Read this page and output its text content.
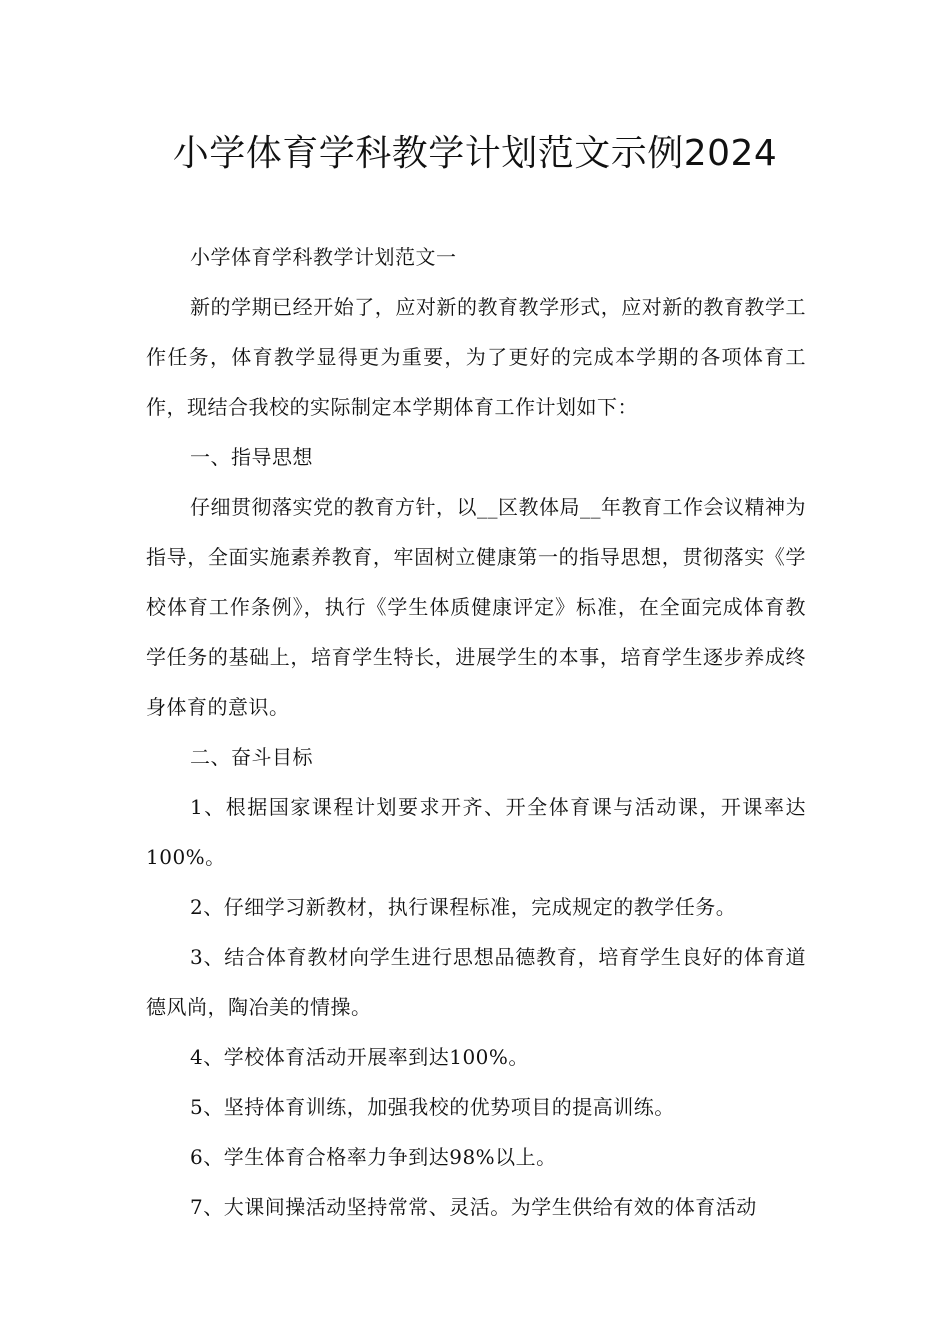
小学体育学科教学计划范文示例2024

小学体育学科教学计划范文一

新的学期已经开始了，应对新的教育教学形式，应对新的教育教学工作任务，体育教学显得更为重要，为了更好的完成本学期的各项体育工作，现结合我校的实际制定本学期体育工作计划如下：

一、指导思想

仔细贯彻落实党的教育方针，以__区教体局__年教育工作会议精神为指导，全面实施素养教育，牢固树立健康第一的指导思想，贯彻落实《学校体育工作条例》，执行《学生体质健康评定》标准，在全面完成体育教学任务的基础上，培育学生特长，进展学生的本事，培育学生逐步养成终身体育的意识。

二、奋斗目标

1、根据国家课程计划要求开齐、开全体育课与活动课，开课率达100%。

2、仔细学习新教材，执行课程标准，完成规定的教学任务。

3、结合体育教材向学生进行思想品德教育，培育学生良好的体育道德风尚，陶冶美的情操。

4、学校体育活动开展率到达100%。

5、坚持体育训练，加强我校的优势项目的提高训练。

6、学生体育合格率力争到达98%以上。

7、大课间操活动坚持常常、灵活。为学生供给有效的体育活动
